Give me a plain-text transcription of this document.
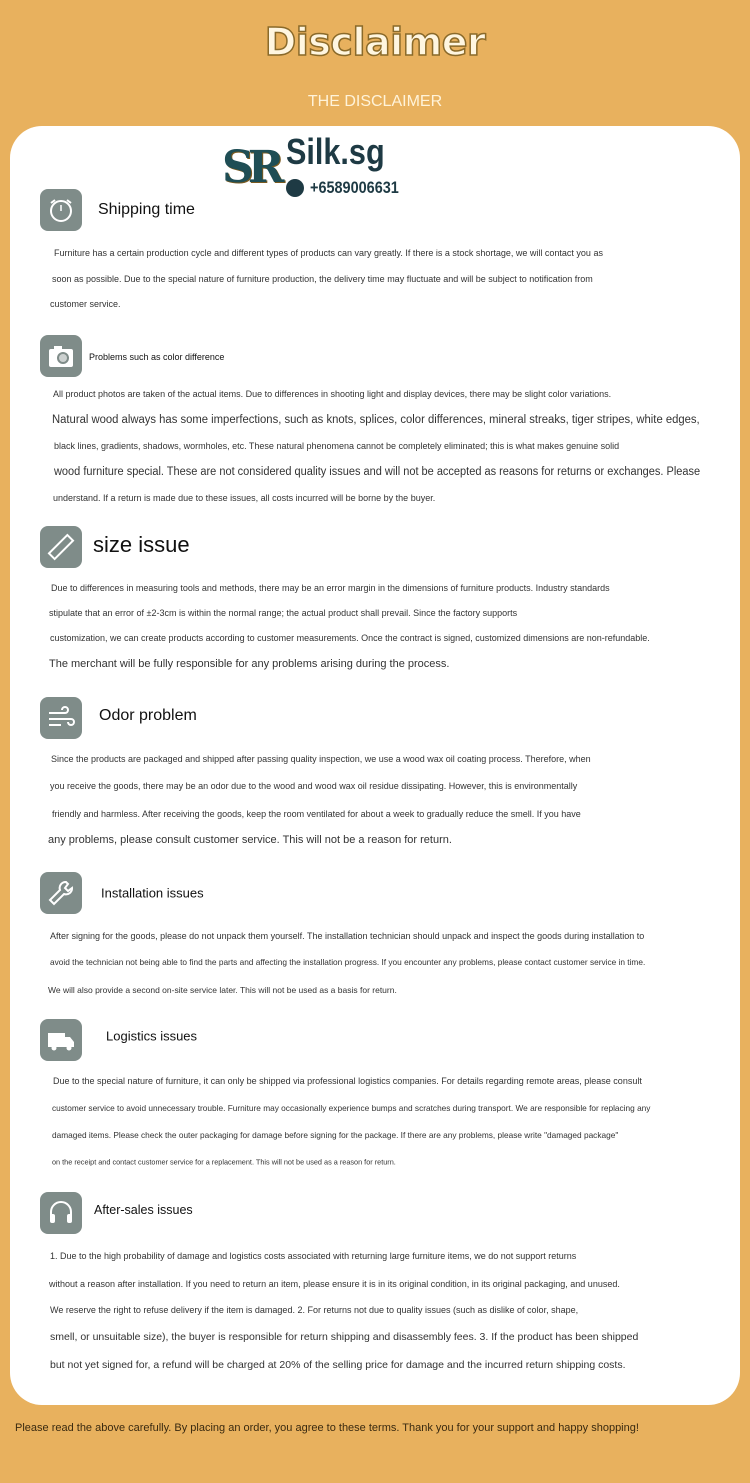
Disclaimer
THE DISCLAIMER
SR Silk.sg
+6589006631
Shipping time
Furniture has a certain production cycle and different types of products can vary greatly. If there is a stock shortage, we will contact you as
soon as possible. Due to the special nature of furniture production, the delivery time may fluctuate and will be subject to notification from
customer service.
Problems such as color difference
All product photos are taken of the actual items. Due to differences in shooting light and display devices, there may be slight color variations.
Natural wood always has some imperfections, such as knots, splices, color differences, mineral streaks, tiger stripes, white edges,
black lines, gradients, shadows, wormholes, etc. These natural phenomena cannot be completely eliminated; this is what makes genuine solid
wood furniture special. These are not considered quality issues and will not be accepted as reasons for returns or exchanges. Please
understand. If a return is made due to these issues, all costs incurred will be borne by the buyer.
size issue
Due to differences in measuring tools and methods, there may be an error margin in the dimensions of furniture products. Industry standards
stipulate that an error of ±2-3cm is within the normal range; the actual product shall prevail. Since the factory supports
customization, we can create products according to customer measurements. Once the contract is signed, customized dimensions are non-refundable.
The merchant will be fully responsible for any problems arising during the process.
Odor problem
Since the products are packaged and shipped after passing quality inspection, we use a wood wax oil coating process. Therefore, when
you receive the goods, there may be an odor due to the wood and wood wax oil residue dissipating. However, this is environmentally
friendly and harmless. After receiving the goods, keep the room ventilated for about a week to gradually reduce the smell. If you have
any problems, please consult customer service. This will not be a reason for return.
Installation issues
After signing for the goods, please do not unpack them yourself. The installation technician should unpack and inspect the goods during installation to
avoid the technician not being able to find the parts and affecting the installation progress. If you encounter any problems, please contact customer service in time.
We will also provide a second on-site service later. This will not be used as a basis for return.
Logistics issues
Due to the special nature of furniture, it can only be shipped via professional logistics companies. For details regarding remote areas, please consult
customer service to avoid unnecessary trouble. Furniture may occasionally experience bumps and scratches during transport. We are responsible for replacing any
damaged items. Please check the outer packaging for damage before signing for the package. If there are any problems, please write "damaged package"
on the receipt and contact customer service for a replacement. This will not be used as a reason for return.
After-sales issues
1. Due to the high probability of damage and logistics costs associated with returning large furniture items, we do not support returns
without a reason after installation. If you need to return an item, please ensure it is in its original condition, in its original packaging, and unused.
We reserve the right to refuse delivery if the item is damaged. 2. For returns not due to quality issues (such as dislike of color, shape,
smell, or unsuitable size), the buyer is responsible for return shipping and disassembly fees. 3. If the product has been shipped
but not yet signed for, a refund will be charged at 20% of the selling price for damage and the incurred return shipping costs.
Please read the above carefully. By placing an order, you agree to these terms. Thank you for your support and happy shopping!
